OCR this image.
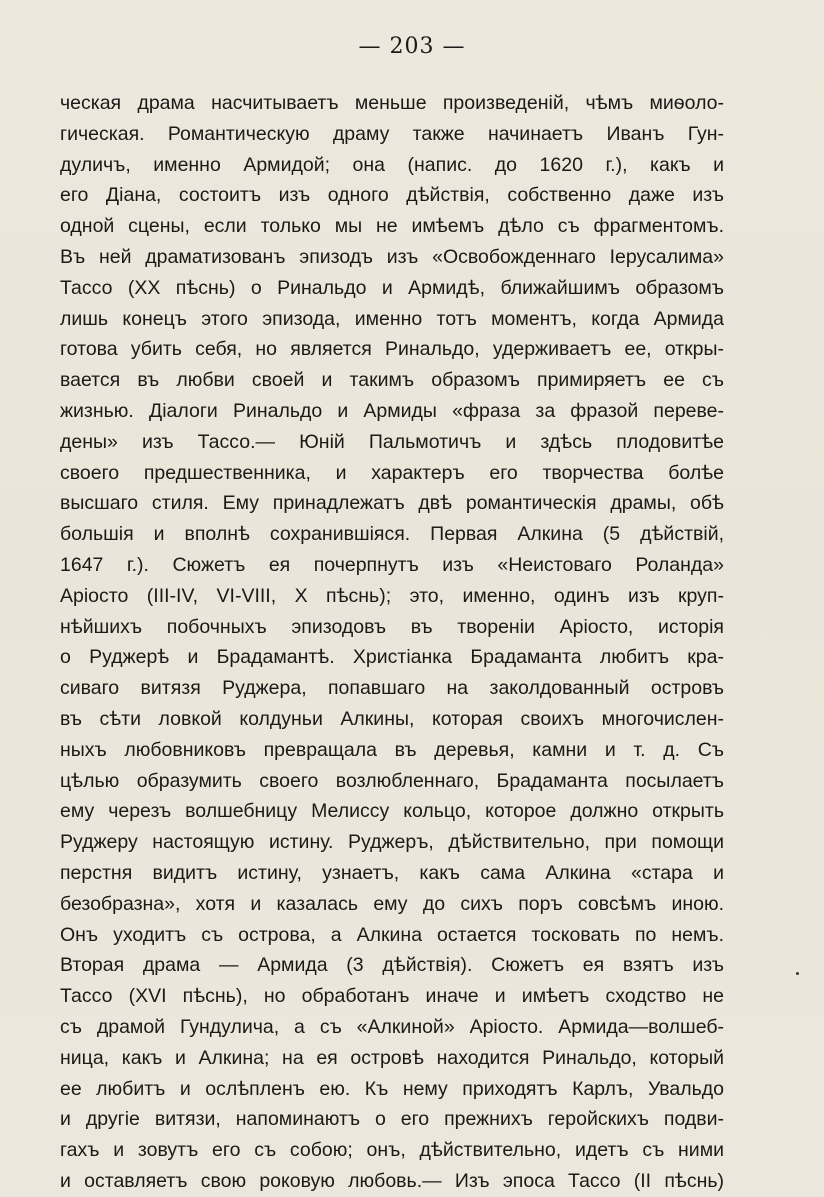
— 203 —
ческая драма насчитываетъ меньше произведенiй, чѣмъ миѳоло-
гическая. Романтическую драму также начинаетъ Иванъ Гун-
дуличъ, именно Армидой; она (напис. до 1620 г.), какъ и
его Дiана, состоитъ изъ одного дѣйствiя, собственно даже изъ
одной сцены, если только мы не имѣемъ дѣло съ фрагментомъ.
Въ ней драматизованъ эпизодъ изъ «Освобожденнаго Iерусалима»
Тассо (XX пѣснь) о Ринальдо и Армидѣ, ближайшимъ образомъ
лишь конецъ этого эпизода, именно тотъ моментъ, когда Армида
готова убить себя, но является Ринальдо, удерживаетъ ее, откры-
вается въ любви своей и такимъ образомъ примиряетъ ее съ
жизнью. Дiалоги Ринальдо и Армиды «фраза за фразой переве-
дены» изъ Тассо.— Юнiй Пальмотичъ и здѣсь плодовитѣе
своего предшественника, и характеръ его творчества болѣе
высшаго стиля. Ему принадлежатъ двѣ романтическiя драмы, обѣ
большiя и вполнѣ сохранившiяся. Первая Алкина (5 дѣйствiй,
1647 г.). Сюжетъ ея почерпнутъ изъ «Неистоваго Роланда»
Арiосто (III-IV, VI-VIII, X пѣснь); это, именно, одинъ изъ круп-
нѣйшихъ побочныхъ эпизодовъ въ творенiи Арiосто, исторiя
о Руджерѣ и Брадамантѣ. Христiанка Брадаманта любитъ кра-
сиваго витязя Руджера, попавшаго на заколдованный островъ
въ сѣти ловкой колдуньи Алкины, которая своихъ многочислен-
ныхъ любовниковъ превращала въ деревья, камни и т. д. Съ
цѣлью образумить своего возлюбленнаго, Брадаманта посылаетъ
ему черезъ волшебницу Мелиссу кольцо, которое должно открыть
Руджеру настоящую истину. Руджеръ, дѣйствительно, при помощи
перстня видитъ истину, узнаетъ, какъ сама Алкина «стара и
безобразна», хотя и казалась ему до сихъ поръ совсѣмъ иною.
Онъ уходитъ съ острова, а Алкина остается тосковать по немъ.
Вторая драма — Армида (3 дѣйствiя). Сюжетъ ея взятъ изъ
Тассо (XVI пѣснь), но обработанъ иначе и имѣетъ сходство не
съ драмой Гундулича, а съ «Алкиной» Арiосто. Армида—волшеб-
ница, какъ и Алкина; на ея островѣ находится Ринальдо, который
ее любитъ и ослѣпленъ ею. Къ нему приходятъ Карлъ, Увальдо
и другiе витязи, напоминаютъ о его прежнихъ геройскихъ подви-
гахъ и зовутъ его съ собою; онъ, дѣйствительно, идетъ съ ними
и оставляетъ свою роковую любовь.— Изъ эпоса Тассо (II пѣснь)
